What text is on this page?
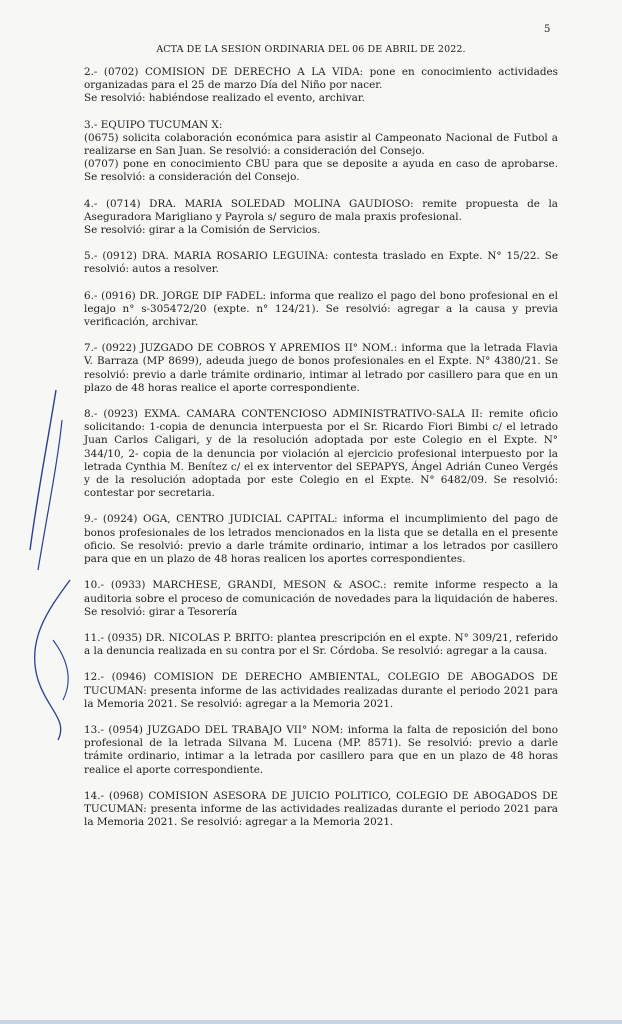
5
ACTA DE LA SESION ORDINARIA DEL 06 DE ABRIL DE 2022.

2.- (0702) COMISION DE DERECHO A LA VIDA: pone en conocimiento actividades organizadas para el 25 de marzo Día del Niño por nacer.
Se resolvió: habiéndose realizado el evento, archivar.

3.- EQUIPO TUCUMAN X:
(0675) solicita colaboración económica para asistir al Campeonato Nacional de Futbol a realizarse en San Juan. Se resolvió: a consideración del Consejo.
(0707) pone en conocimiento CBU para que se deposite a ayuda en caso de aprobarse. Se resolvió: a consideración del Consejo.

4.- (0714) DRA. MARIA SOLEDAD MOLINA GAUDIOSO: remite propuesta de la Aseguradora Marigliano y Payrola s/ seguro de mala praxis profesional.
Se resolvió: girar a la Comisión de Servicios.

5.- (0912) DRA. MARIA ROSARIO LEGUINA: contesta traslado en Expte. N° 15/22. Se resolvió: autos a resolver.

6.- (0916) DR. JORGE DIP FADEL: informa que realizo el pago del bono profesional en el legajo n° s-305472/20 (expte. n° 124/21). Se resolvió: agregar a la causa y previa verificación, archivar.

7.- (0922) JUZGADO DE COBROS Y APREMIOS II° NOM.: informa que la letrada Flavia V. Barraza (MP 8699), adeuda juego de bonos profesionales en el Expte. N° 4380/21. Se resolvió: previo a darle trámite ordinario, intimar al letrado por casillero para que en un plazo de 48 horas realice el aporte correspondiente.

8.- (0923) EXMA. CAMARA CONTENCIOSO ADMINISTRATIVO-SALA II: remite oficio solicitando: 1-copia de denuncia interpuesta por el Sr. Ricardo Fiori Bimbi c/ el letrado Juan Carlos Caligari, y de la resolución adoptada por este Colegio en el Expte. N° 344/10, 2- copia de la denuncia por violación al ejercicio profesional interpuesto por la letrada Cynthia M. Benítez c/ el ex interventor del SEPAPYS, Ángel Adrián Cuneo Vergés y de la resolución adoptada por este Colegio en el Expte. N° 6482/09. Se resolvió: contestar por secretaria.

9.- (0924) OGA, CENTRO JUDICIAL CAPITAL: informa el incumplimiento del pago de bonos profesionales de los letrados mencionados en la lista que se detalla en el presente oficio. Se resolvió: previo a darle trámite ordinario, intimar a los letrados por casillero para que en un plazo de 48 horas realicen los aportes correspondientes.

10.- (0933) MARCHESE, GRANDI, MESON & ASOC.: remite informe respecto a la auditoria sobre el proceso de comunicación de novedades para la liquidación de haberes. Se resolvió: girar a Tesorería

11.- (0935) DR. NICOLAS P. BRITO: plantea prescripción en el expte. N° 309/21, referido a la denuncia realizada en su contra por el Sr. Córdoba. Se resolvió: agregar a la causa.

12.- (0946) COMISION DE DERECHO AMBIENTAL, COLEGIO DE ABOGADOS DE TUCUMAN: presenta informe de las actividades realizadas durante el periodo 2021 para la Memoria 2021. Se resolvió: agregar a la Memoria 2021.

13.- (0954) JUZGADO DEL TRABAJO VII° NOM: informa la falta de reposición del bono profesional de la letrada Silvana M. Lucena (MP. 8571). Se resolvió: previo a darle trámite ordinario, intimar a la letrada por casillero para que en un plazo de 48 horas realice el aporte correspondiente.

14.- (0968) COMISION ASESORA DE JUICIO POLITICO, COLEGIO DE ABOGADOS DE TUCUMAN: presenta informe de las actividades realizadas durante el periodo 2021 para la Memoria 2021. Se resolvió: agregar a la Memoria 2021.
